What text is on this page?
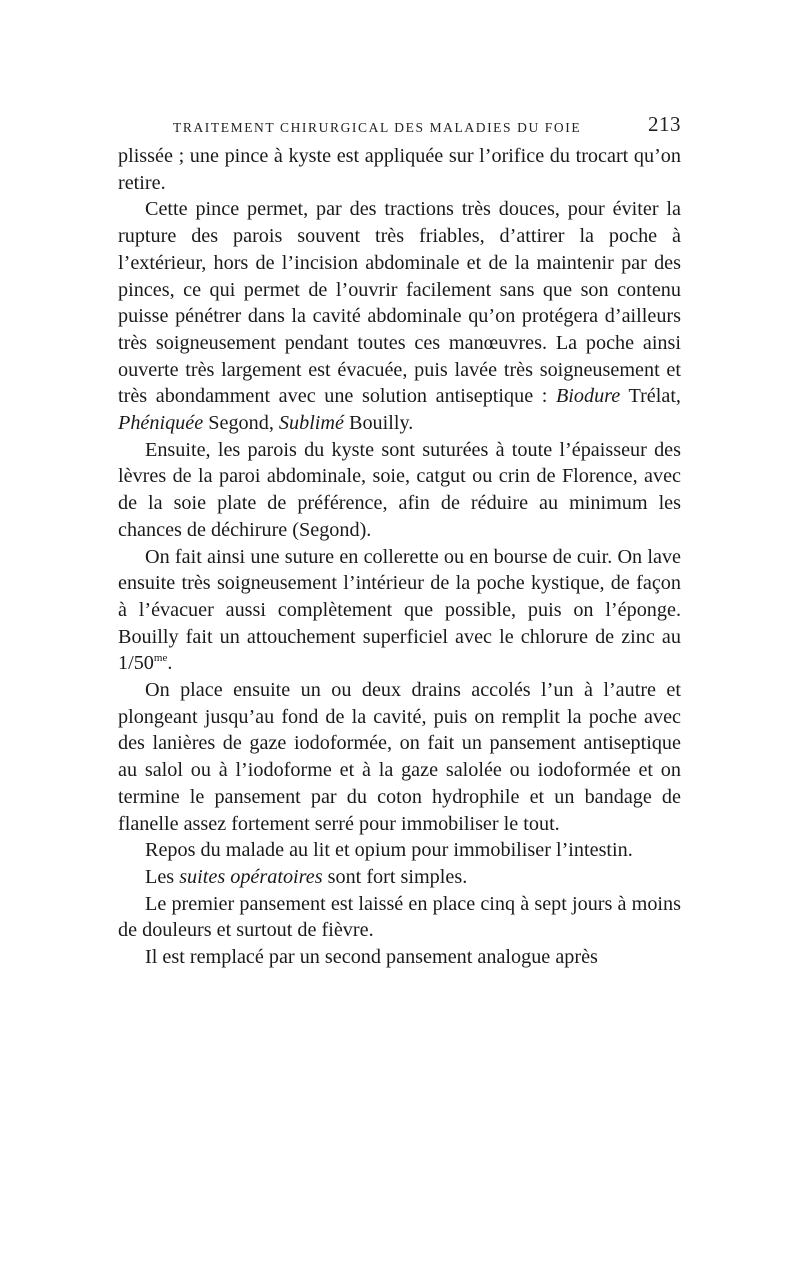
TRAITEMENT CHIRURGICAL DES MALADIES DU FOIE	213

plissée ; une pince à kyste est appliquée sur l’orifice du trocart qu’on retire.

Cette pince permet, par des tractions très douces, pour éviter la rupture des parois souvent très friables, d’attirer la poche à l’extérieur, hors de l’incision abdominale et de la maintenir par des pinces, ce qui permet de l’ouvrir facilement sans que son contenu puisse pénétrer dans la cavité abdominale qu’on protégera d’ailleurs très soigneusement pendant toutes ces manœuvres. La poche ainsi ouverte très largement est évacuée, puis lavée très soigneusement et très abondamment avec une solution antiseptique : Biodure Trélat, Phéniquée Segond, Sublimé Bouilly.

Ensuite, les parois du kyste sont suturées à toute l’épaisseur des lèvres de la paroi abdominale, soie, catgut ou crin de Florence, avec de la soie plate de préférence, afin de réduire au minimum les chances de déchirure (Segond).

On fait ainsi une suture en collerette ou en bourse de cuir. On lave ensuite très soigneusement l’intérieur de la poche kystique, de façon à l’évacuer aussi complètement que possible, puis on l’éponge. Bouilly fait un attouchement superficiel avec le chlorure de zinc au $1/50^{me}$.

On place ensuite un ou deux drains accolés l’un à l’autre et plongeant jusqu’au fond de la cavité, puis on remplit la poche avec des lanières de gaze iodoformée, on fait un pansement antiseptique au salol ou à l’iodoforme et à la gaze salolée ou iodoformée et on termine le pansement par du coton hydrophile et un bandage de flanelle assez fortement serré pour immobiliser le tout.

Repos du malade au lit et opium pour immobiliser l’intestin.

Les suites opératoires sont fort simples.

Le premier pansement est laissé en place cinq à sept jours à moins de douleurs et surtout de fièvre.

Il est remplacé par un second pansement analogue après
